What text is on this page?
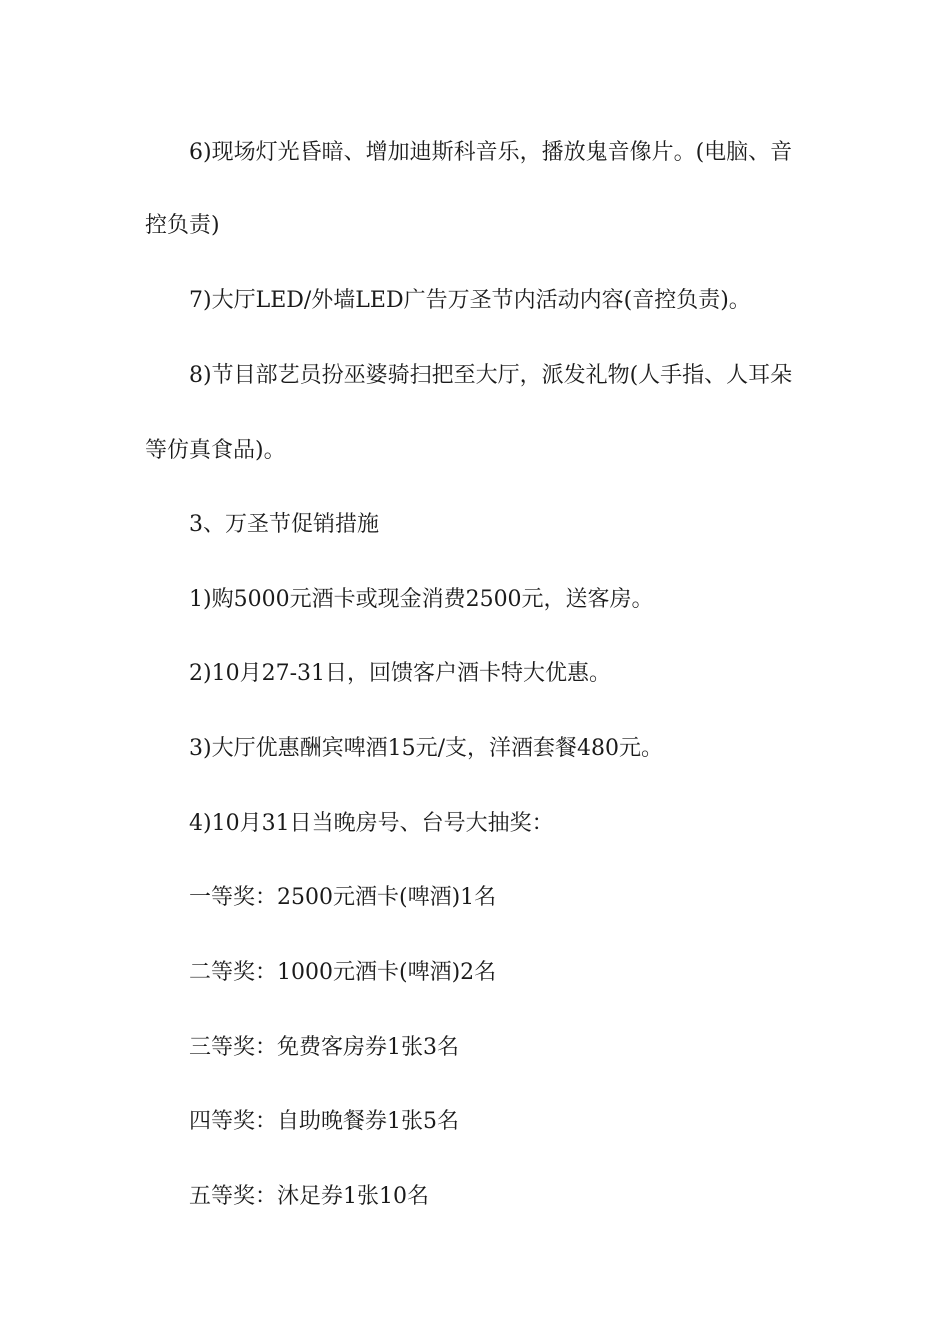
6)现场灯光昏暗、增加迪斯科音乐，播放鬼音像片。(电脑、音
控负责)
7)大厅LED/外墙LED广告万圣节内活动内容(音控负责)。
8)节目部艺员扮巫婆骑扫把至大厅，派发礼物(人手指、人耳朵
等仿真食品)。
3、万圣节促销措施
1)购5000元酒卡或现金消费2500元，送客房。
2)10月27-31日，回馈客户酒卡特大优惠。
3)大厅优惠酬宾啤酒15元/支，洋酒套餐480元。
4)10月31日当晚房号、台号大抽奖：
一等奖：2500元酒卡(啤酒)1名
二等奖：1000元酒卡(啤酒)2名
三等奖：免费客房券1张3名
四等奖：自助晚餐券1张5名
五等奖：沐足券1张10名
